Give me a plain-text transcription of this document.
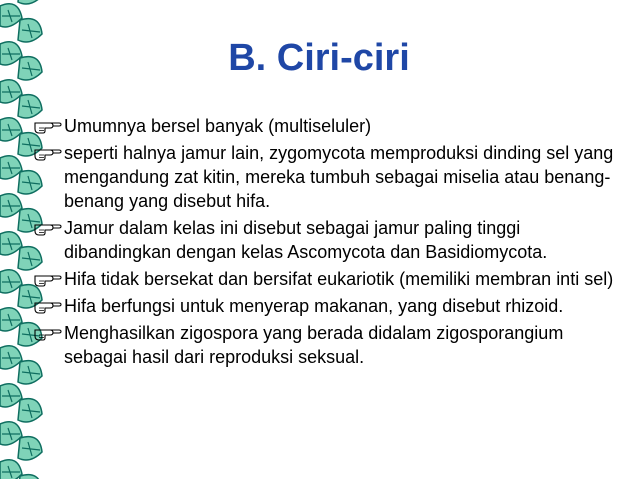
B. Ciri-ciri
Umumnya bersel banyak (multiseluler)
seperti halnya jamur lain, zygomycota memproduksi dinding sel yang mengandung zat kitin, mereka tumbuh sebagai miselia atau benang-benang yang disebut hifa.
Jamur dalam kelas ini disebut sebagai jamur paling tinggi dibandingkan dengan kelas Ascomycota dan Basidiomycota.
Hifa tidak bersekat dan bersifat eukariotik (memiliki membran inti sel)
Hifa berfungsi untuk menyerap makanan, yang disebut rhizoid.
Menghasilkan zigospora yang berada didalam zigosporangium sebagai hasil dari reproduksi seksual.
